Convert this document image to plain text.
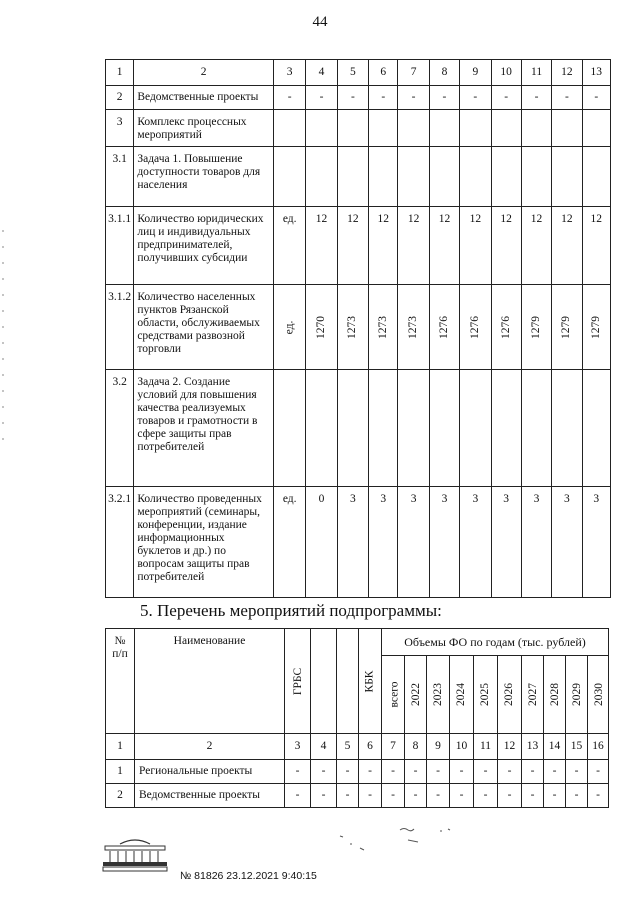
44
1	2	3	4	5	6	7	8	9	10	11	12	13
2	Ведомственные проекты	-	-	-	-	-	-	-	-	-	-	-
3	Комплекс процессных мероприятий											
3.1	Задача 1. Повышение доступности товаров для населения											
3.1.1	Количество юридических лиц и индивидуальных предпринимателей, получивших субсидии	ед.	12	12	12	12	12	12	12	12	12	12
3.1.2	Количество населенных пунктов Рязанской области, обслуживаемых средствами развозной торговли	ед.	1270	1273	1273	1273	1276	1276	1276	1279	1279	1279
3.2	Задача 2. Создание условий для повышения качества реализуемых товаров и грамотности в сфере защиты прав потребителей											
3.2.1	Количество проведенных мероприятий (семинары, конференции, издание информационных буклетов и др.) по вопросам защиты прав потребителей	ед.	0	3	3	3	3	3	3	3	3	3
5. Перечень мероприятий подпрограммы:
№ п/п	Наименование	ГРБС			КБК	Объемы ФО по годам (тыс. рублей)									
						всего	2022	2023	2024	2025	2026	2027	2028	2029	2030
1	2	3	4	5	6	7	8	9	10	11	12	13	14	15	16
1	Региональные проекты	-	-	-	-	-	-	-	-	-	-	-	-	-	-
2	Ведомственные проекты	-	-	-	-	-	-	-	-	-	-	-	-	-	-
№ 81826 23.12.2021 9:40:15
